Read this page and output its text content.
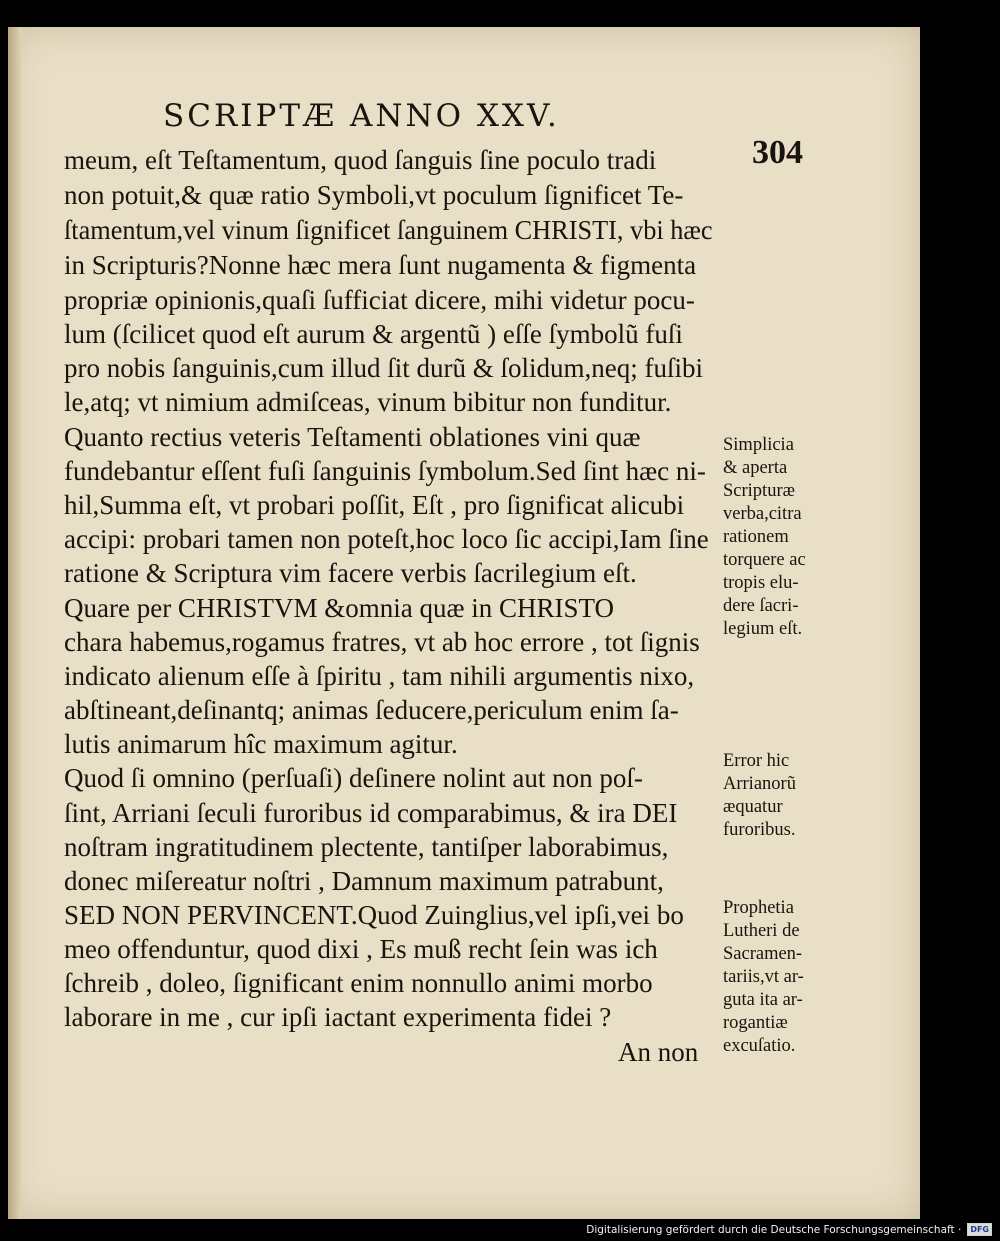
SCRIPTÆ ANNO XXV.
304
meum, eſt Teſtamentum, quod ſanguis ſine poculo tradi
non potuit,& quæ ratio Symboli,vt poculum ſignificet Te-
ſtamentum,vel vinum ſignificet ſanguinem CHRISTI, vbi hæc
in Scripturis?Nonne hæc mera ſunt nugamenta & figmenta
propriæ opinionis,quaſi ſufficiat dicere, mihi videtur pocu-
lum (ſcilicet quod eſt aurum & argentũ ) eſſe ſymbolũ fuſi
pro nobis ſanguinis,cum illud ſit durũ & ſolidum,neq; fuſibi
le,atq; vt nimium admiſceas, vinum bibitur non funditur.
Quanto rectius veteris Teſtamenti oblationes vini quæ
fundebantur eſſent fuſi ſanguinis ſymbolum.Sed ſint hæc ni-
hil,Summa eſt, vt probari poſſit, Eſt , pro ſignificat alicubi
accipi: probari tamen non poteſt,hoc loco ſic accipi,Iam ſine
ratione & Scriptura vim facere verbis ſacrilegium eſt.
Quare per CHRISTVM &omnia quæ in CHRISTO
chara habemus,rogamus fratres, vt ab hoc errore , tot ſignis
indicato alienum eſſe à ſpiritu , tam nihili argumentis nixo,
abſtineant,deſinantq; animas ſeducere,periculum enim ſa-
lutis animarum hîc maximum agitur.
Quod ſi omnino (perſuaſi) deſinere nolint aut non poſ-
ſint, Arriani ſeculi furoribus id comparabimus, & ira DEI
noſtram ingratitudinem plectente, tantiſper laborabimus,
donec miſereatur noſtri , Damnum maximum patrabunt,
SED NON PERVINCENT.Quod Zuinglius,vel ipſi,vei bo
meo offenduntur, quod dixi , Es muß recht ſein was ich
ſchreib , doleo, ſignificant enim nonnullo animi morbo
laborare in me , cur ipſi iactant experimenta fidei ?
An non
Simplicia
& aperta
Scripturæ
verba,citra
rationem
torquere ac
tropis elu-
dere ſacri-
legium eſt.
Error hic
Arrianorũ
æquatur
furoribus.
Prophetia
Lutheri de
Sacramen-
tariis,vt ar-
guta ita ar-
rogantiæ
excuſatio.
Digitalisierung gefördert durch die Deutsche Forschungsgemeinschaft ·	DFG
